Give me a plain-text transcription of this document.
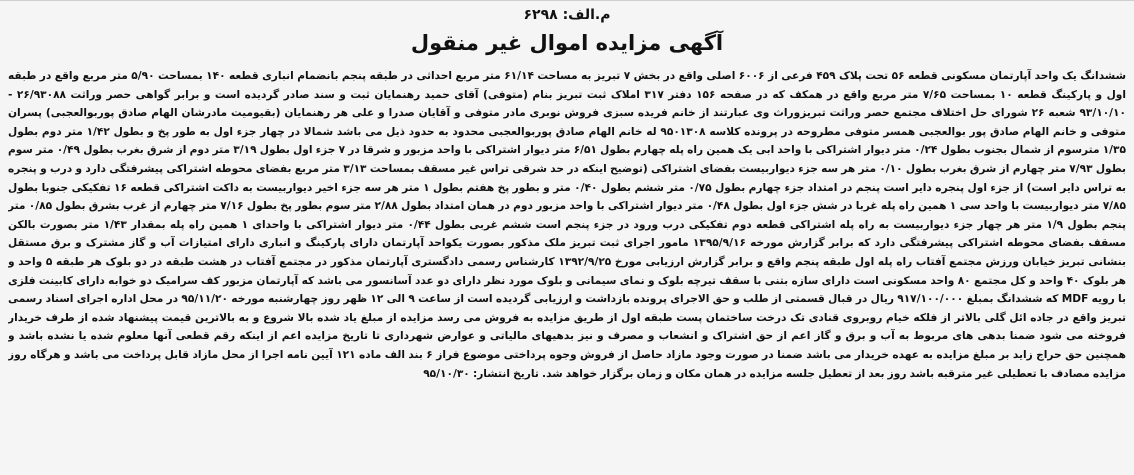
م.الف: ۶۲۹۸
آگهی مزایده اموال غیر منقول
ششدانگ یک واحد آپارتمان مسکونی قطعه ۵۶ تحت پلاک ۴۵۹ فرعی از ۶۰۰۶ اصلی واقع در بخش ۷ تبریز به مساحت ۶۱/۱۴ متر مربع احداثی در طبقه پنجم بانضمام انباری قطعه ۱۴۰ بمساحت ۵/۹۰ متر مربع واقع در طبقه اول و پارکینگ قطعه ۱۰ بمساحت ۷/۶۵ متر مربع واقع در همکف که در صفحه ۱۵۶ دفتر ۳۱۷ املاک ثبت تبریز بنام (متوفی) آقای حمید رهنمایان ثبت و سند صادر گردیده است و برابر گواهی حصر وراثت ۲۶/۹۳۰۸۸ - ۹۳/۱۰/۱۰ شعبه ۲۶ شورای حل اختلاف مجتمع حصر وراثت تبریزوراث وی عبارتند از خانم فریده سبزی فروش نوبری مادر متوفی و آقایان صدرا و علی هر رهنمایان (بقیومیت مادرشان الهام صادق پوربوالعجبی) پسران متوفی و خانم الهام صادق پور بوالعجبی همسر متوفی مطروحه در پرونده کلاسه ۹۵۰۱۳۰۸ له خانم الهام صادق پوربوالعجبی محدود به حدود ذیل می باشد شمالا در چهار جزء اول به طور پخ و بطول ۱/۴۲ متر دوم بطول ۱/۳۵ مترسوم از شمال بجنوب بطول ۰/۲۴ متر دیوار اشتراکی با واحد ابی یک همین راه پله چهارم بطول ۶/۵۱ متر دیوار اشتراکی با واحد مزبور و شرقا در ۷ جزء اول بطول ۳/۱۹ متر دوم از شرق بغرب بطول ۰/۴۹ متر سوم بطول ۷/۹۳ متر چهارم از شرق بغرب بطول ۰/۱۰ متر هر سه جزء دیواربیست بفضای اشتراکی (توضیح اینکه در حد شرقی تراس غیر مسقف بمساحت ۳/۱۳ متر مربع بفضای محوطه اشتراکی پیشرفتگی دارد و درب و پنجره به تراس دایر است) از جزء اول پنجره دایر است پنجم در امتداد جزء چهارم بطول ۰/۷۵ متر ششم بطول ۰/۴۰ متر و بطور پخ هفتم بطول ۱ متر هر سه جزء اخیر دیواربیست به داکت اشتراکی قطعه ۱۶ تفکیکی جنوبا بطول ۷/۸۵ متر دیواربیست با واحد سی ۱ همین راه پله غربا در شش جزء اول بطول ۰/۴۸ متر دیوار اشتراکی با واحد مزبور دوم در همان امتداد بطول ۲/۸۸ متر سوم بطور پخ بطول ۷/۱۶ متر چهارم از غرب بشرق بطول ۰/۸۵ متر پنجم بطول ۱/۹ متر هر چهار جزء دیواربیست به راه پله اشتراکی قطعه دوم تفکیکی درب ورود در جزء پنجم است ششم غربی بطول ۰/۴۴ متر دیوار اشتراکی با واحدای ۱ همین راه پله بمقدار ۱/۴۳ متر بصورت بالکن مسقف بفضای محوطه اشتراکی پیشرفتگی دارد که برابر گزارش مورخه ۱۳۹۵/۹/۱۶ مامور اجرای ثبت تبریز ملک مذکور بصورت یکواحد آپارتمان دارای پارکینگ و انباری دارای امتیازات آب و گاز مشترک و برق مستقل بنشانی تبریز خیابان ورزش مجتمع آفتاب راه پله اول طبقه پنجم واقع و برابر گزارش ارزیابی مورخ ۱۳۹۲/۹/۲۵ کارشناس رسمی دادگستری آپارتمان مذکور در مجتمع آفتاب در هشت طبقه در دو بلوک هر طبقه ۵ واحد و هر بلوک ۴۰ واحد و کل مجتمع ۸۰ واحد مسکونی است دارای سازه بتنی با سقف تیرچه بلوک و نمای سیمانی و بلوک مورد نظر دارای دو عدد آسانسور می باشد که آپارتمان مزبور کف سرامیک دو خوابه دارای کابینت فلزی با رویه MDF که ششدانگ بمبلغ ۹۱۷/۱۰۰/۰۰۰ ریال در قبال قسمتی از طلب و حق الاجرای پرونده بازداشت و ارزیابی گردیده است از ساعت ۹ الی ۱۲ ظهر روز چهارشنبه مورخه ۹۵/۱۱/۲۰ در محل اداره اجرای اسناد رسمی تبریز واقع در جاده ائل گلی بالاتر از فلکه خیام روبروی قنادی تک درخت ساختمان پست طبقه اول از طریق مزایده به فروش می رسد مزایده از مبلغ یاد شده بالا شروع و به بالاترین قیمت پیشنهاد شده از طرف خریدار فروخته می شود ضمنا بدهی های مربوط به آب و برق و گاز اعم از حق اشتراک و انشعاب و مصرف و نیز بدهیهای مالیاتی و عوارض شهرداری تا تاریخ مزایده اعم از اینکه رقم قطعی آنها معلوم شده یا نشده باشد و همچنین حق حراج زاید بر مبلغ مزایده به عهده خریدار می باشد ضمنا در صورت وجود مازاد حاصل از فروش وجوه پرداختی موضوع فراز ۶ بند الف ماده ۱۲۱ آیین نامه اجرا از محل مازاد قابل پرداخت می باشد و هرگاه روز مزایده مصادف با تعطیلی غیر مترقبه باشد روز بعد از تعطیل جلسه مزایده در همان مکان و زمان برگزار خواهد شد. تاریخ انتشار: ۹۵/۱۰/۳۰
